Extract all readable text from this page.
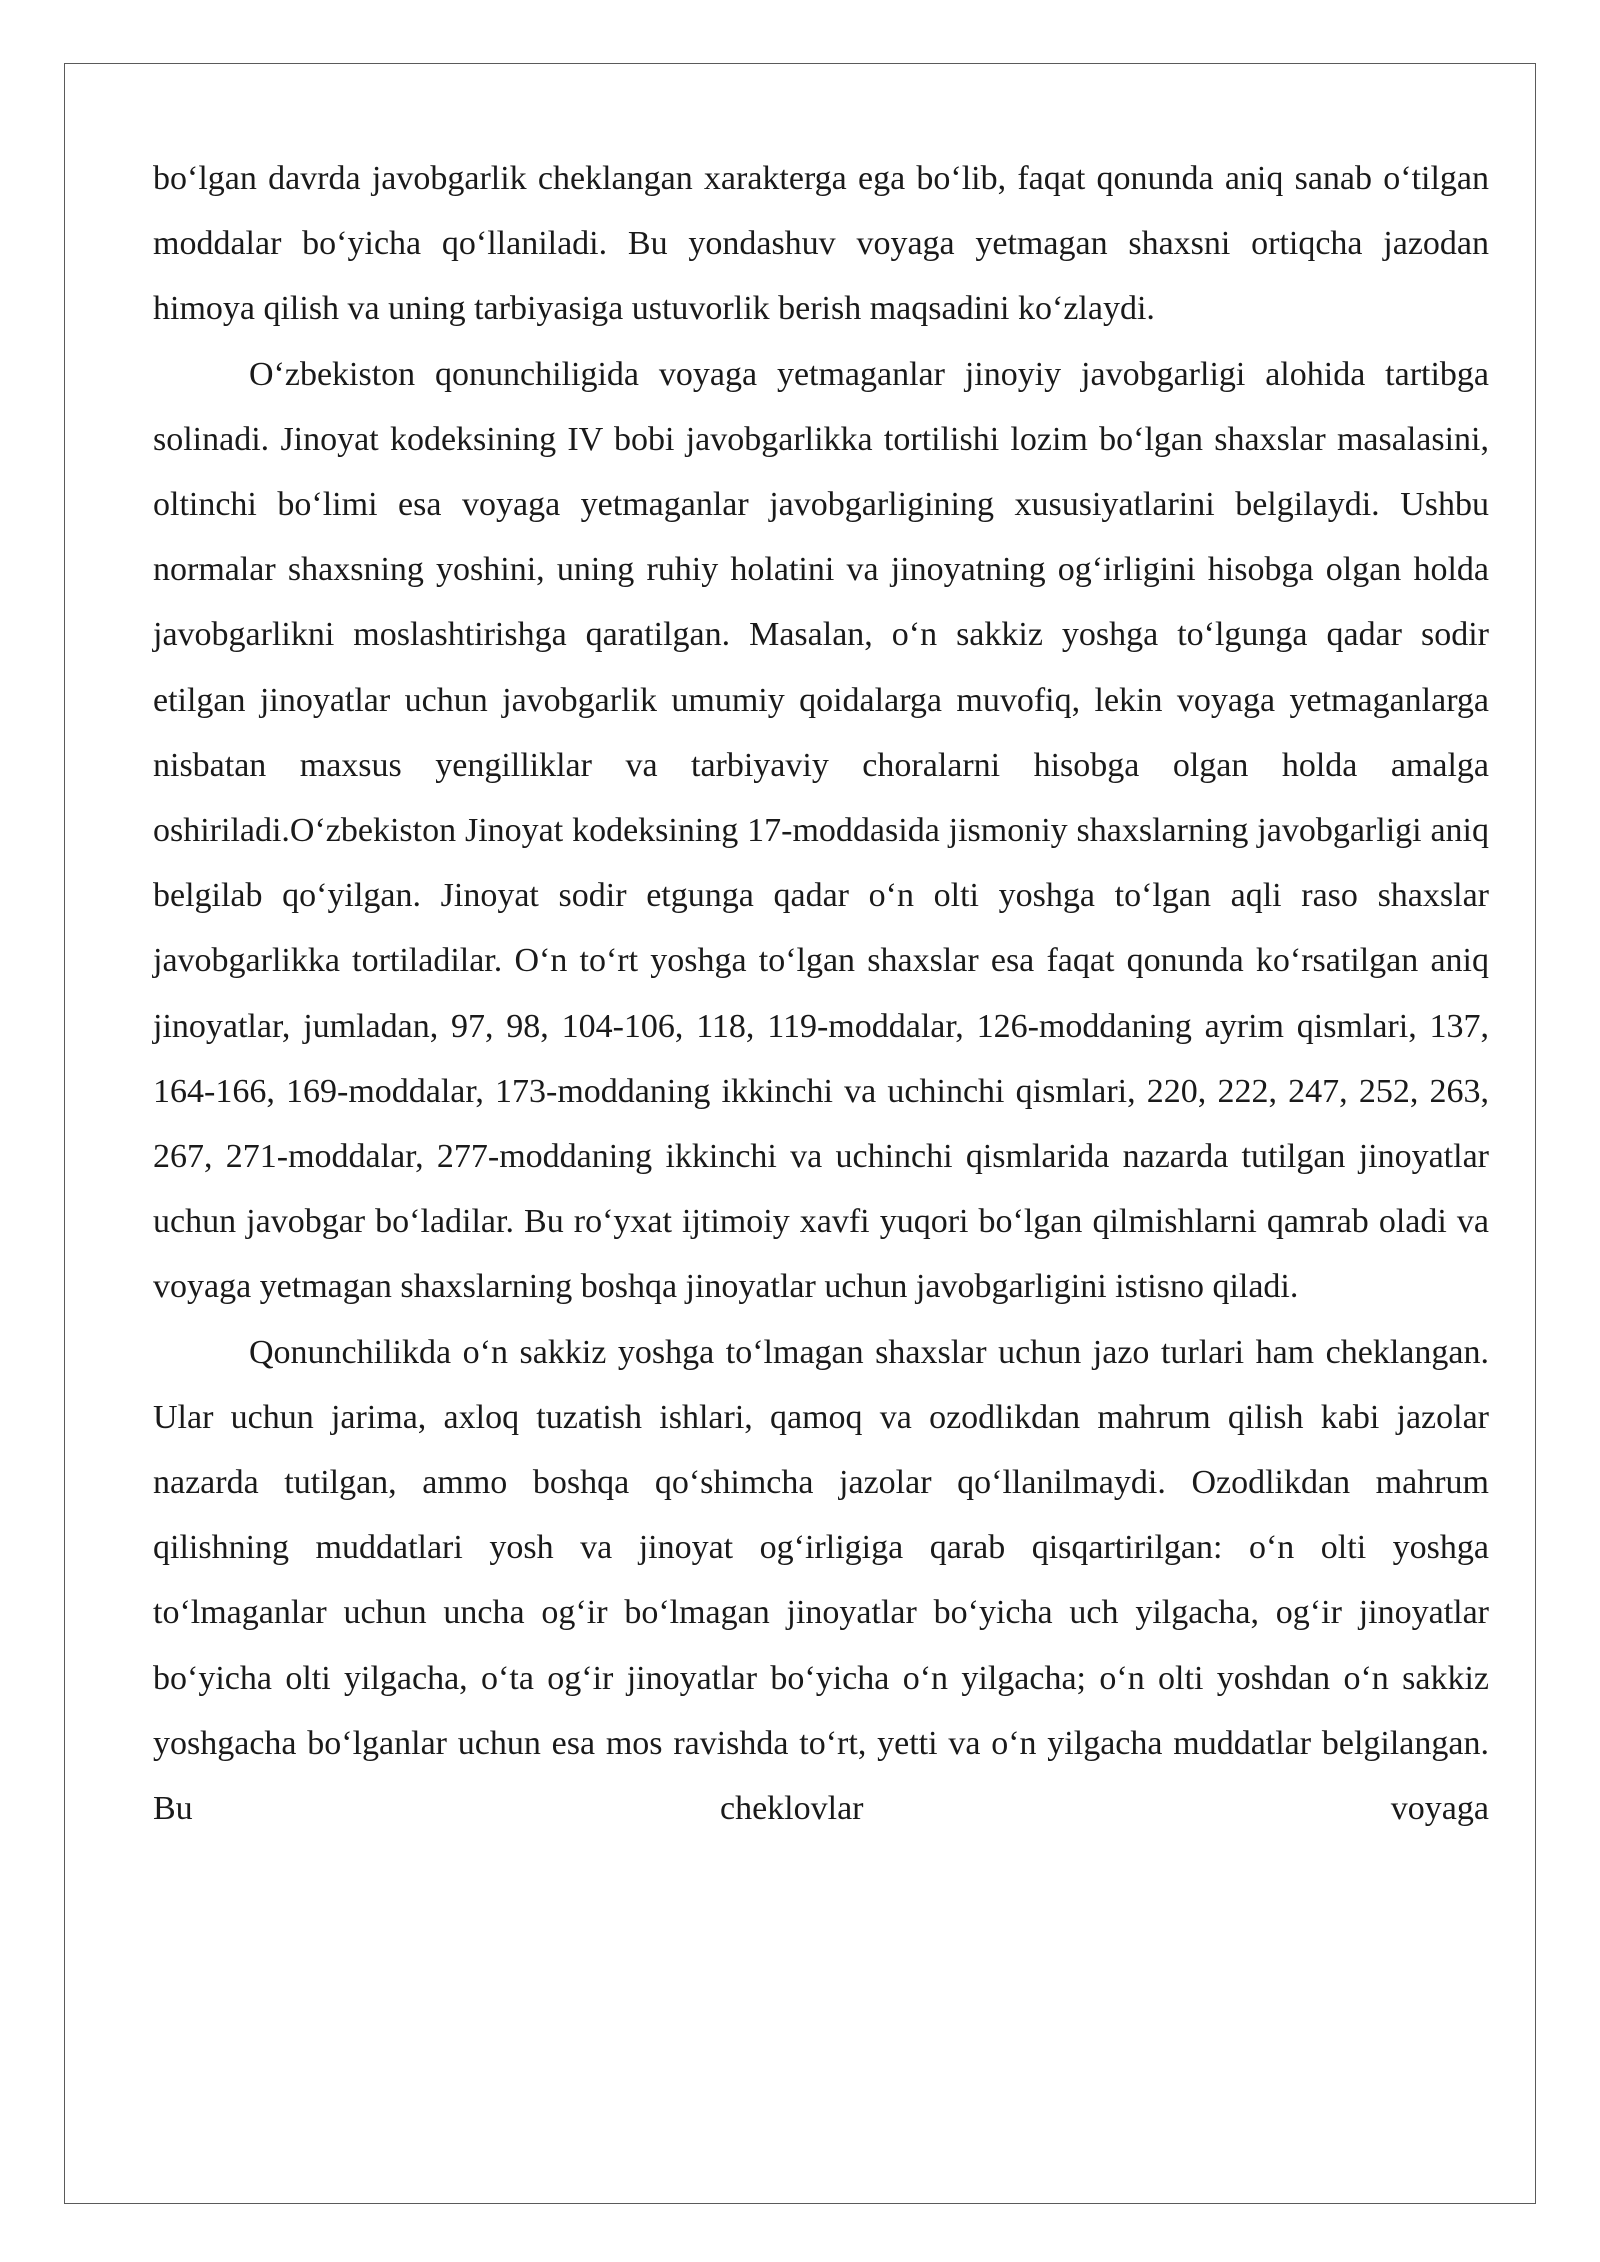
bo‘lgan davrda javobgarlik cheklangan xarakterga ega bo‘lib, faqat qonunda aniq sanab o‘tilgan moddalar bo‘yicha qo‘llaniladi. Bu yondashuv voyaga yetmagan shaxsni ortiqcha jazodan himoya qilish va uning tarbiyasiga ustuvorlik berish maqsadini ko‘zlaydi.

O‘zbekiston qonunchiligida voyaga yetmaganlar jinoyiy javobgarligi alohida tartibga solinadi. Jinoyat kodeksining IV bobi javobgarlikka tortilishi lozim bo‘lgan shaxslar masalasini, oltinchi bo‘limi esa voyaga yetmaganlar javobgarligining xususiyatlarini belgilaydi. Ushbu normalar shaxsning yoshini, uning ruhiy holatini va jinoyatning og‘irligini hisobga olgan holda javobgarlikni moslashtirishga qaratilgan. Masalan, o‘n sakkiz yoshga to‘lgunga qadar sodir etilgan jinoyatlar uchun javobgarlik umumiy qoidalarga muvofiq, lekin voyaga yetmaganlarga nisbatan maxsus yengilliklar va tarbiyaviy choralarni hisobga olgan holda amalga oshiriladi.O‘zbekiston Jinoyat kodeksining 17-moddasida jismoniy shaxslarning javobgarligi aniq belgilab qo‘yilgan. Jinoyat sodir etgunga qadar o‘n olti yoshga to‘lgan aqli raso shaxslar javobgarlikka tortiladilar. O‘n to‘rt yoshga to‘lgan shaxslar esa faqat qonunda ko‘rsatilgan aniq jinoyatlar, jumladan, 97, 98, 104-106, 118, 119-moddalar, 126-moddaning ayrim qismlari, 137, 164-166, 169-moddalar, 173-moddaning ikkinchi va uchinchi qismlari, 220, 222, 247, 252, 263, 267, 271-moddalar, 277-moddaning ikkinchi va uchinchi qismlarida nazarda tutilgan jinoyatlar uchun javobgar bo‘ladilar. Bu ro‘yxat ijtimoiy xavfi yuqori bo‘lgan qilmishlarni qamrab oladi va voyaga yetmagan shaxslarning boshqa jinoyatlar uchun javobgarligini istisno qiladi.

Qonunchilikda o‘n sakkiz yoshga to‘lmagan shaxslar uchun jazo turlari ham cheklangan. Ular uchun jarima, axloq tuzatish ishlari, qamoq va ozodlikdan mahrum qilish kabi jazolar nazarda tutilgan, ammo boshqa qo‘shimcha jazolar qo‘llanilmaydi. Ozodlikdan mahrum qilishning muddatlari yosh va jinoyat og‘irligiga qarab qisqartirilgan: o‘n olti yoshga to‘lmaganlar uchun uncha og‘ir bo‘lmagan jinoyatlar bo‘yicha uch yilgacha, og‘ir jinoyatlar bo‘yicha olti yilgacha, o‘ta og‘ir jinoyatlar bo‘yicha o‘n yilgacha; o‘n olti yoshdan o‘n sakkiz yoshgacha bo‘lganlar uchun esa mos ravishda to‘rt, yetti va o‘n yilgacha muddatlar belgilangan. Bu cheklovlar voyaga
